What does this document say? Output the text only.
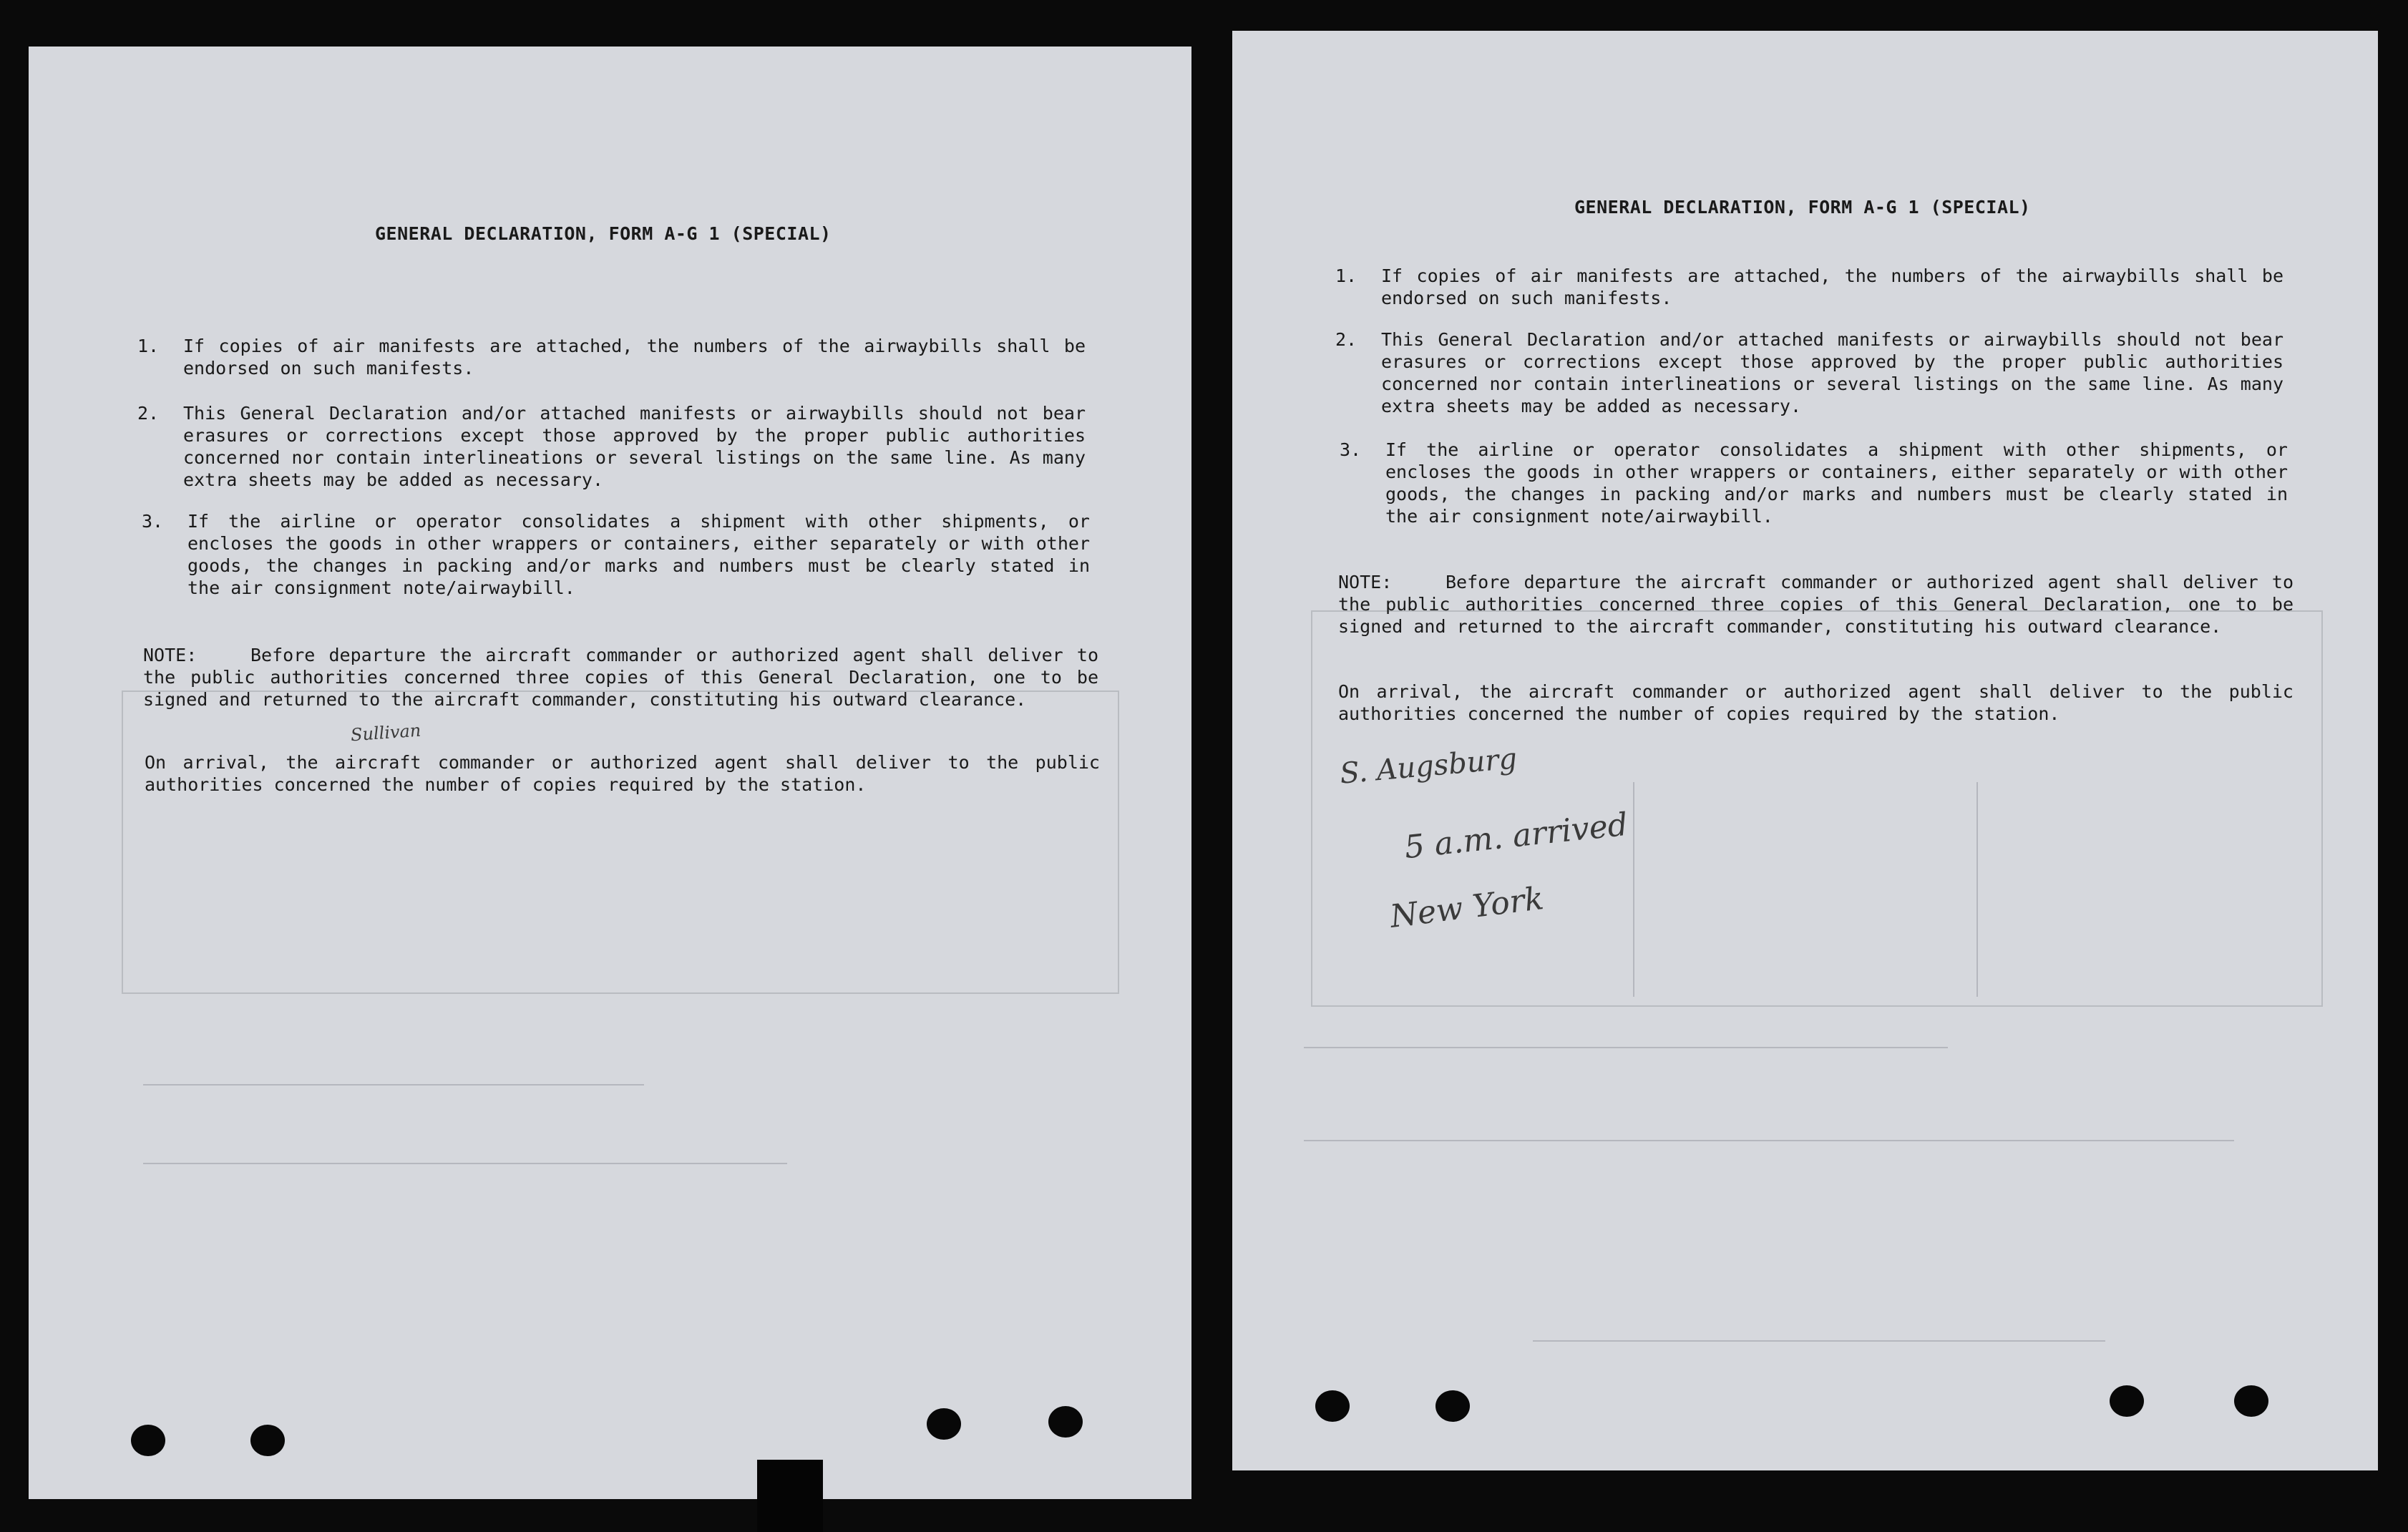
GENERAL DECLARATION, FORM A-G 1 (SPECIAL)
1. If copies of air manifests are attached, the numbers of the airwaybills shall be endorsed on such manifests.
2. This General Declaration and/or attached manifests or airwaybills should not bear erasures or corrections except those approved by the proper public authorities concerned nor contain interlineations or several listings on the same line. As many extra sheets may be added as necessary.
3. If the airline or operator consolidates a shipment with other shipments, or encloses the goods in other wrappers or containers, either separately or with other goods, the changes in packing and/or marks and numbers must be clearly stated in the air consignment note/airwaybill.
NOTE:	Before departure the aircraft commander or authorized agent shall deliver to the public authorities concerned three copies of this General Declaration, one to be signed and returned to the aircraft commander, constituting his outward clearance.
On arrival, the aircraft commander or authorized agent shall deliver to the public authorities concerned the number of copies required by the station.
Sullivan
GENERAL DECLARATION, FORM A-G 1 (SPECIAL)
1. If copies of air manifests are attached, the numbers of the airwaybills shall be endorsed on such manifests.
2. This General Declaration and/or attached manifests or airwaybills should not bear erasures or corrections except those approved by the proper public authorities concerned nor contain interlineations or several listings on the same line. As many extra sheets may be added as necessary.
3. If the airline or operator consolidates a shipment with other shipments, or encloses the goods in other wrappers or containers, either separately or with other goods, the changes in packing and/or marks and numbers must be clearly stated in the air consignment note/airwaybill.
NOTE:	Before departure the aircraft commander or authorized agent shall deliver to the public authorities concerned three copies of this General Declaration, one to be signed and returned to the aircraft commander, constituting his outward clearance.
On arrival, the aircraft commander or authorized agent shall deliver to the public authorities concerned the number of copies required by the station.
S. Augsburg
5 a.m. arrived
New York
